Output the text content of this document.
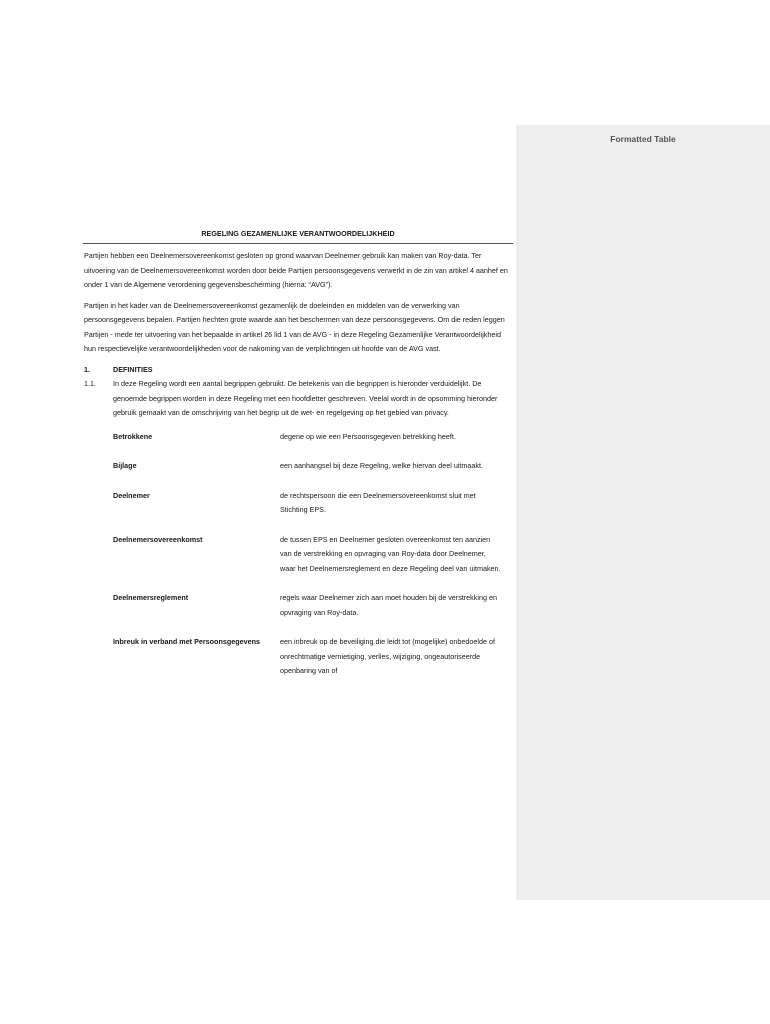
Formatted Table

REGELING GEZAMENLIJKE VERANTWOORDELIJKHEID

Partijen hebben een Deelnemersovereenkomst gesloten op grond waarvan Deelnemer gebruik kan maken van Roy-data. Ter uitvoering van de Deelnemersovereenkomst worden door beide Partijen persoonsgegevens verwerkt in de zin van artikel 4 aanhef en onder 1 van de Algemene verordening gegevensbescherming (hierna: “AVG”).

Partijen in het kader van de Deelnemersovereenkomst gezamenlijk de doeleinden en middelen van de verwerking van persoonsgegevens bepalen. Partijen hechten grote waarde aan het beschermen van deze persoonsgegevens. Om die reden leggen Partijen - mede ter uitvoering van het bepaalde in artikel 26 lid 1 van de AVG - in deze Regeling Gezamenlijke Verantwoordelijkheid hun respectievelijke verantwoordelijkheden voor de nakoming van de verplichtingen uit hoofde van de AVG vast.

1.	DEFINITIES
1.1.	In deze Regeling wordt een aantal begrippen gebruikt. De betekenis van die begrippen is hieronder verduidelijkt. De genoemde begrippen worden in deze Regeling met een hoofdletter geschreven. Veelal wordt in de opsomming hieronder gebruik gemaakt van de omschrijving van het begrip uit de wet- en regelgeving op het gebied van privacy.
Betrokkene	degene op wie een Persoonsgegeven betrekking heeft.
Bijlage	een aanhangsel bij deze Regeling, welke hiervan deel uitmaakt.
Deelnemer	de rechtspersoon die een Deelnemersovereenkomst sluit met Stichting EPS.
Deelnemersovereenkomst	de tussen EPS en Deelnemer gesloten overeenkomst ten aanzien van de verstrekking en opvraging van Roy-data door Deelnemer, waar het Deelnemersreglement en deze Regeling deel van uitmaken.
Deelnemersreglement	regels waar Deelnemer zich aan moet houden bij de verstrekking en opvraging van Roy-data.
Inbreuk in verband met Persoonsgegevens	een inbreuk op de beveiliging die leidt tot (mogelijke) onbedoelde of onrechtmatige vernietiging, verlies, wijziging, ongeautoriseerde openbaring van of
